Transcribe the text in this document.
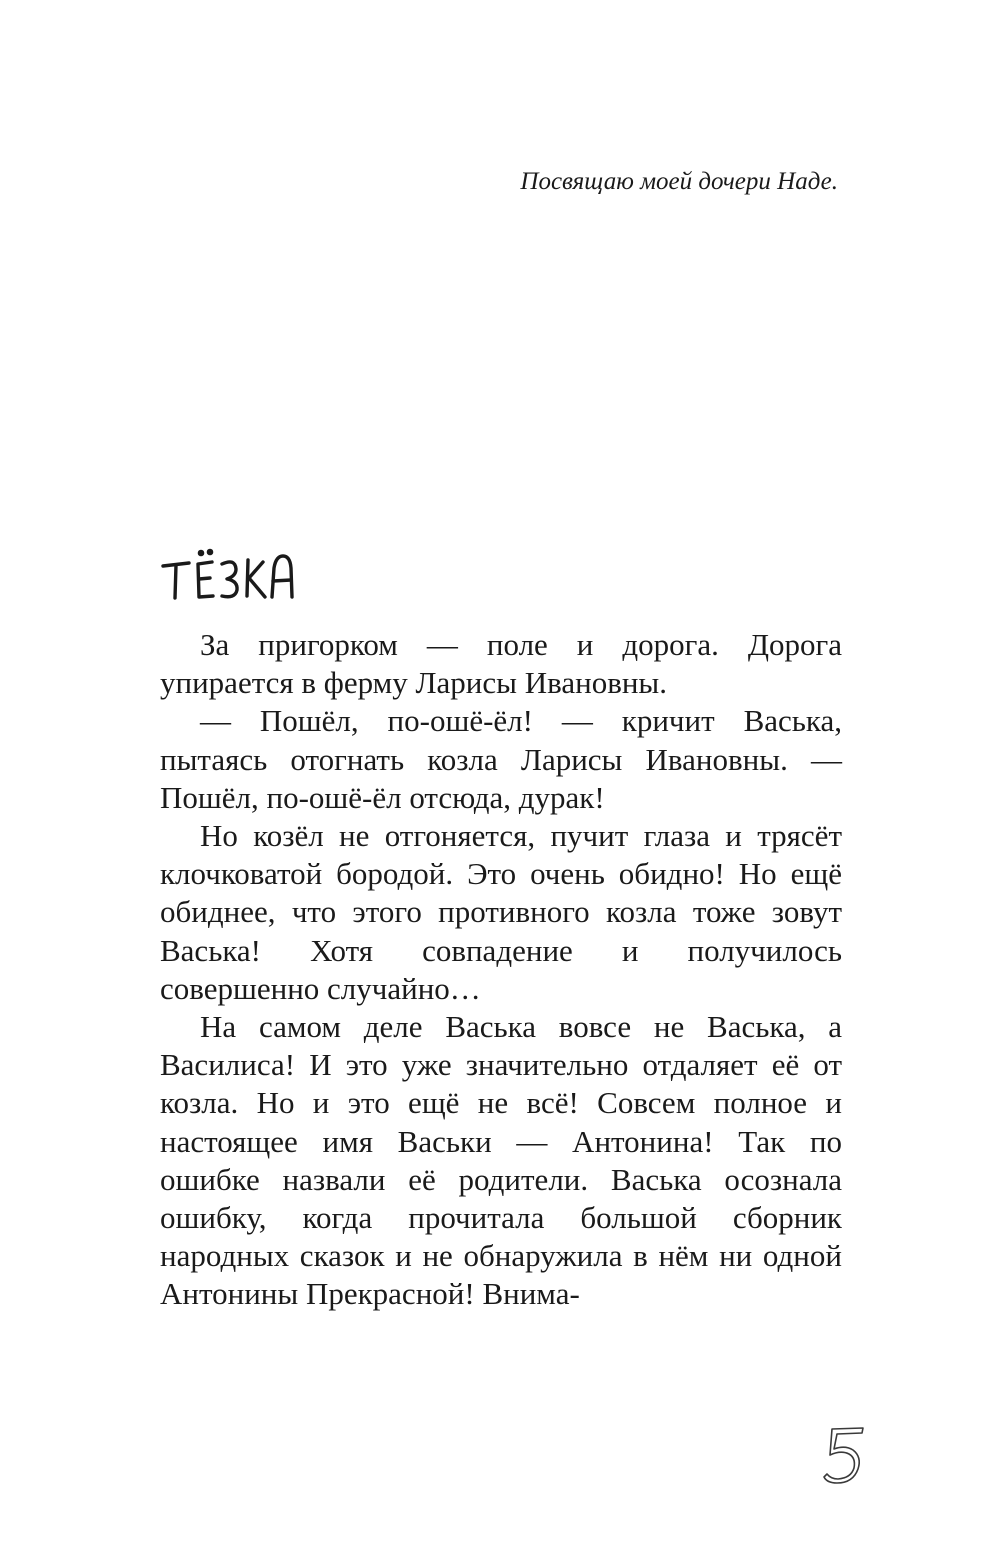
Посвящаю моей дочери Наде.

За пригорком — поле и дорога. Дорога упирается в ферму Ларисы Ивановны.

— Пошёл, по-ошё-ёл! — кричит Васька, пытаясь отогнать козла Ларисы Ивановны. — Пошёл, по-ошё-ёл отсюда, дурак!

Но козёл не отгоняется, пучит глаза и трясёт клочковатой бородой. Это очень обидно! Но ещё обиднее, что этого противного козла тоже зовут Васька! Хотя совпадение и получилось совершенно случайно…

На самом деле Васька вовсе не Васька, а Василиса! И это уже значительно отдаляет её от козла. Но и это ещё не всё! Совсем полное и настоящее имя Васьки — Антонина! Так по ошибке назвали её родители. Васька осознала ошибку, когда прочитала большой сборник народных сказок и не обнаружила в нём ни одной Антонины Прекрасной! Внима-
